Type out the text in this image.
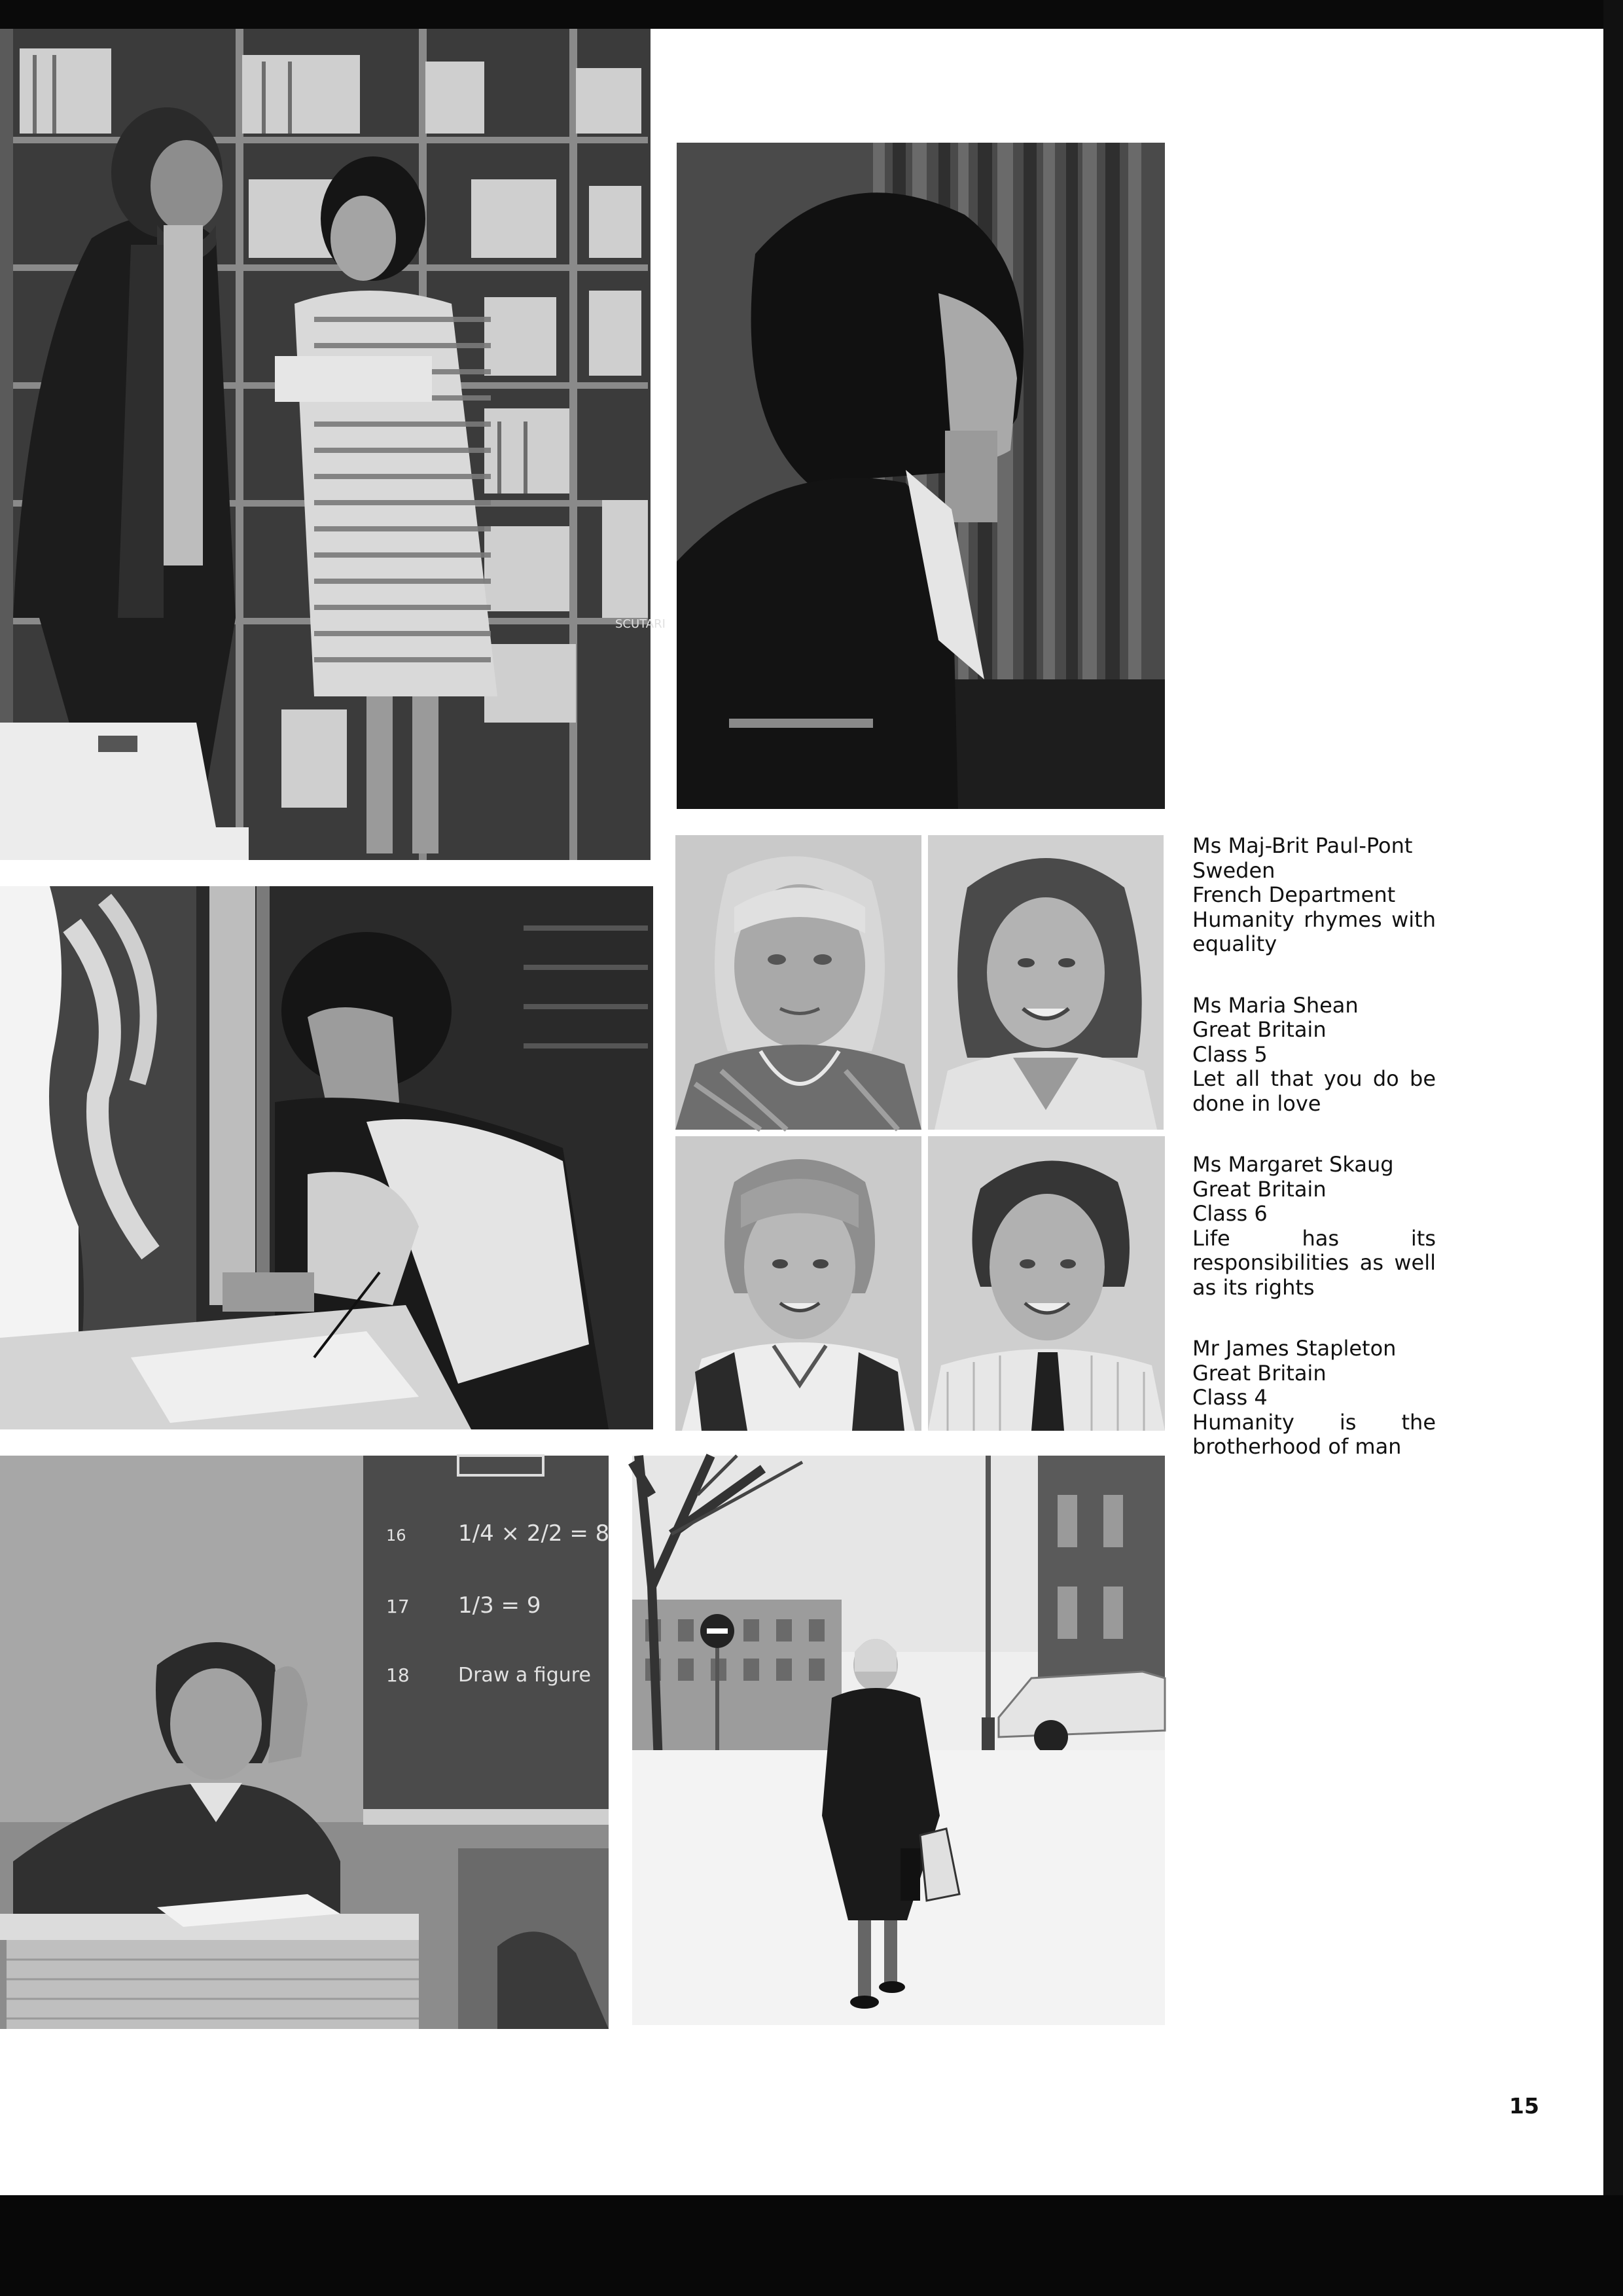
SCUTARI
16 1/4 × 2/2 = 8
17 1/3 = 9
18 Draw a figure
Ms Maj-Brit Paul-Pont
Sweden
French Department
Humanity rhymes with equality
Ms Maria Shean
Great Britain
Class 5
Let all that you do be done in love
Ms Margaret Skaug
Great Britain
Class 6
Life has its responsibilities as well as its rights
Mr James Stapleton
Great Britain
Class 4
Humanity is the brotherhood of man
15
